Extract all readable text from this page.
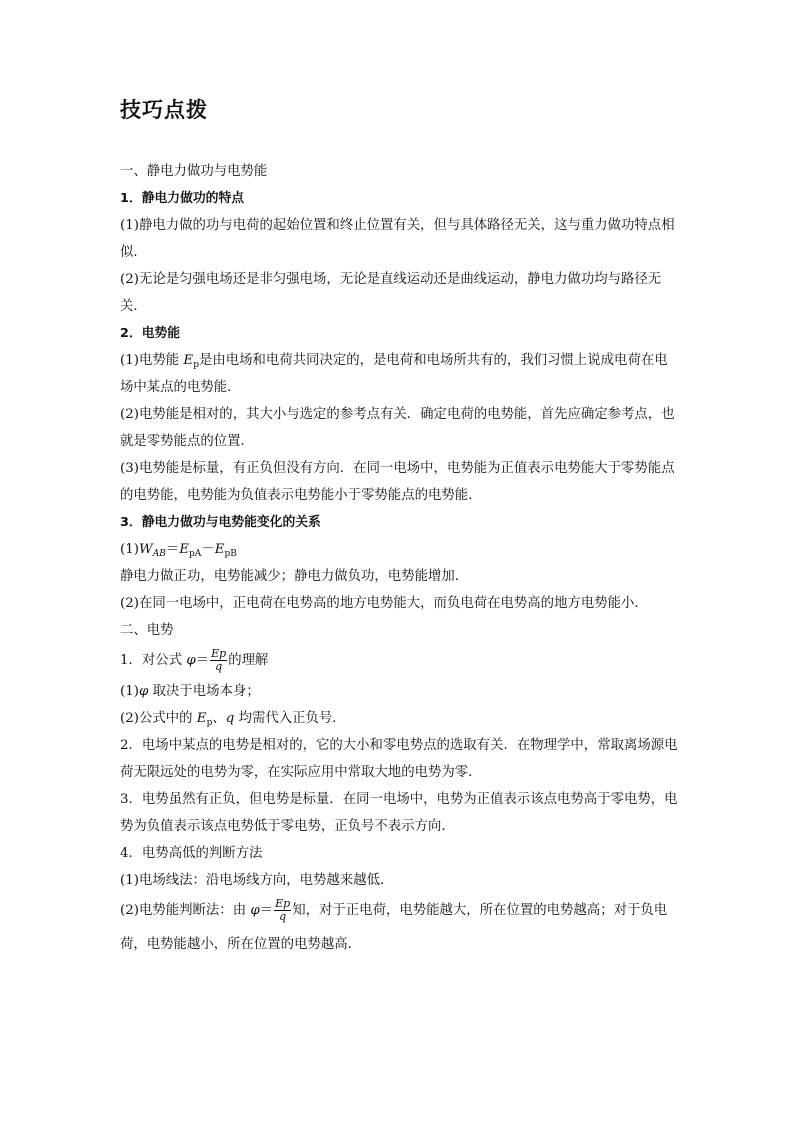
技巧点拨

一、静电力做功与电势能

1．静电力做功的特点

(1)静电力做的功与电荷的起始位置和终止位置有关，但与具体路径无关，这与重力做功特点相似．

(2)无论是匀强电场还是非匀强电场，无论是直线运动还是曲线运动，静电力做功均与路径无关．

2．电势能

(1)电势能 $E_p$是由电场和电荷共同决定的，是电荷和电场所共有的，我们习惯上说成电荷在电场中某点的电势能．

(2)电势能是相对的，其大小与选定的参考点有关．确定电荷的电势能，首先应确定参考点，也就是零势能点的位置．

(3)电势能是标量，有正负但没有方向．在同一电场中，电势能为正值表示电势能大于零势能点的电势能，电势能为负值表示电势能小于零势能点的电势能．

3．静电力做功与电势能变化的关系

$(1)W_{AB}=E_{pA}-E_{pB}$

静电力做正功，电势能减少；静电力做负功，电势能增加．

(2)在同一电场中，正电荷在电势高的地方电势能大，而负电荷在电势高的地方电势能小．

二、电势

1．对公式 $\varphi= \frac{Ep}{q}$ 的理解

(1)φ 取决于电场本身；

(2)公式中的 $E_p$、q 均需代入正负号．

2．电场中某点的电势是相对的，它的大小和零电势点的选取有关．在物理学中，常取离场源电荷无限远处的电势为零，在实际应用中常取大地的电势为零．

3．电势虽然有正负，但电势是标量．在同一电场中，电势为正值表示该点电势高于零电势，电势为负值表示该点电势低于零电势，正负号不表示方向．

4．电势高低的判断方法

(1)电场线法：沿电场线方向，电势越来越低．

(2)电势能判断法：由 $\varphi= \frac{Ep}{q}$ 知，对于正电荷，电势能越大，所在位置的电势越高；对于负电荷，电势能越小，所在位置的电势越高．
